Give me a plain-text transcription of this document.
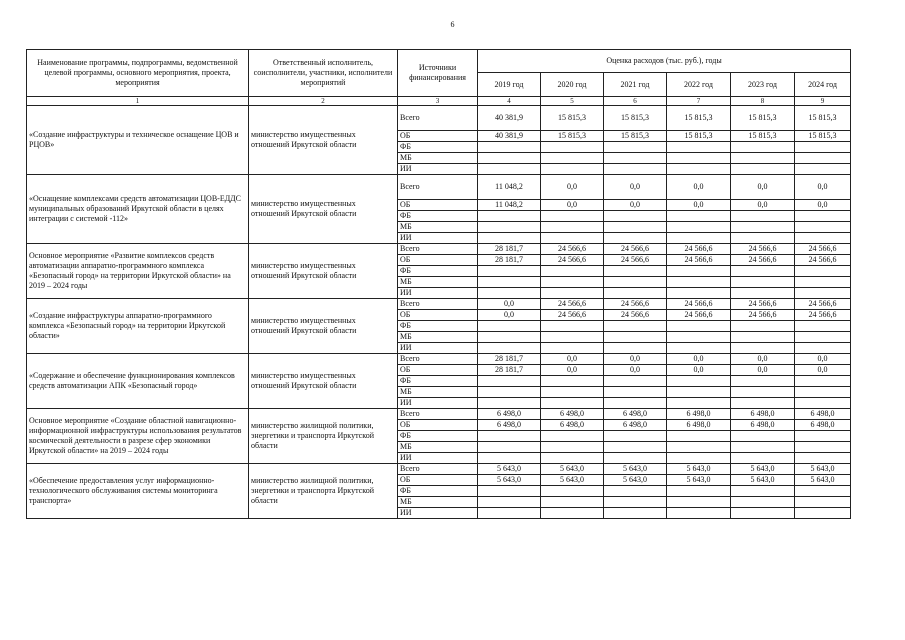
6
Наименование программы, подпрограммы, ведомственной целевой программы, основного мероприятия, проекта, мероприятия	Ответственный исполнитель, соисполнители, участники, исполнители мероприятий	Источники финансирования	Оценка расходов (тыс. руб.), годы					
			2019 год	2020 год	2021 год	2022 год	2023 год	2024 год
1	2	3	4	5	6	7	8	9
«Создание инфраструктуры и техническое оснащение ЦОВ и РЦОВ»	министерство имущественных отношений Иркутской области	Всего	40 381,9	15 815,3	15 815,3	15 815,3	15 815,3	15 815,3
		ОБ	40 381,9	15 815,3	15 815,3	15 815,3	15 815,3	15 815,3
		ФБ						
		МБ						
		ИИ						
«Оснащение комплексами средств автоматизации ЦОВ-ЕДДС муниципальных образований Иркутской области в целях интеграции с системой -112»	министерство имущественных отношений Иркутской области	Всего	11 048,2	0,0	0,0	0,0	0,0	0,0
		ОБ	11 048,2	0,0	0,0	0,0	0,0	0,0
		ФБ						
		МБ						
		ИИ						
Основное мероприятие «Развитие комплексов средств автоматизации аппаратно-программного комплекса «Безопасный город» на территории Иркутской области» на 2019 – 2024 годы	министерство имущественных отношений Иркутской области	Всего	28 181,7	24 566,6	24 566,6	24 566,6	24 566,6	24 566,6
		ОБ	28 181,7	24 566,6	24 566,6	24 566,6	24 566,6	24 566,6
		ФБ						
		МБ						
		ИИ						
«Создание инфраструктуры аппаратно-программного комплекса «Безопасный город» на территории Иркутской области»	министерство имущественных отношений Иркутской области	Всего	0,0	24 566,6	24 566,6	24 566,6	24 566,6	24 566,6
		ОБ	0,0	24 566,6	24 566,6	24 566,6	24 566,6	24 566,6
		ФБ						
		МБ						
		ИИ						
«Содержание и обеспечение функционирования комплексов средств автоматизации АПК «Безопасный город»	министерство имущественных отношений Иркутской области	Всего	28 181,7	0,0	0,0	0,0	0,0	0,0
		ОБ	28 181,7	0,0	0,0	0,0	0,0	0,0
		ФБ						
		МБ						
		ИИ						
Основное мероприятие «Создание областной навигационно-информационной инфраструктуры использования результатов космической деятельности в разрезе сфер экономики Иркутской области» на 2019 – 2024 годы	министерство жилищной политики, энергетики и транспорта Иркутской области	Всего	6 498,0	6 498,0	6 498,0	6 498,0	6 498,0	6 498,0
		ОБ	6 498,0	6 498,0	6 498,0	6 498,0	6 498,0	6 498,0
		ФБ						
		МБ						
		ИИ						
«Обеспечение предоставления услуг информационно-технологического обслуживания системы мониторинга транспорта»	министерство жилищной политики, энергетики и транспорта Иркутской области	Всего	5 643,0	5 643,0	5 643,0	5 643,0	5 643,0	5 643,0
		ОБ	5 643,0	5 643,0	5 643,0	5 643,0	5 643,0	5 643,0
		ФБ						
		МБ						
		ИИ						
